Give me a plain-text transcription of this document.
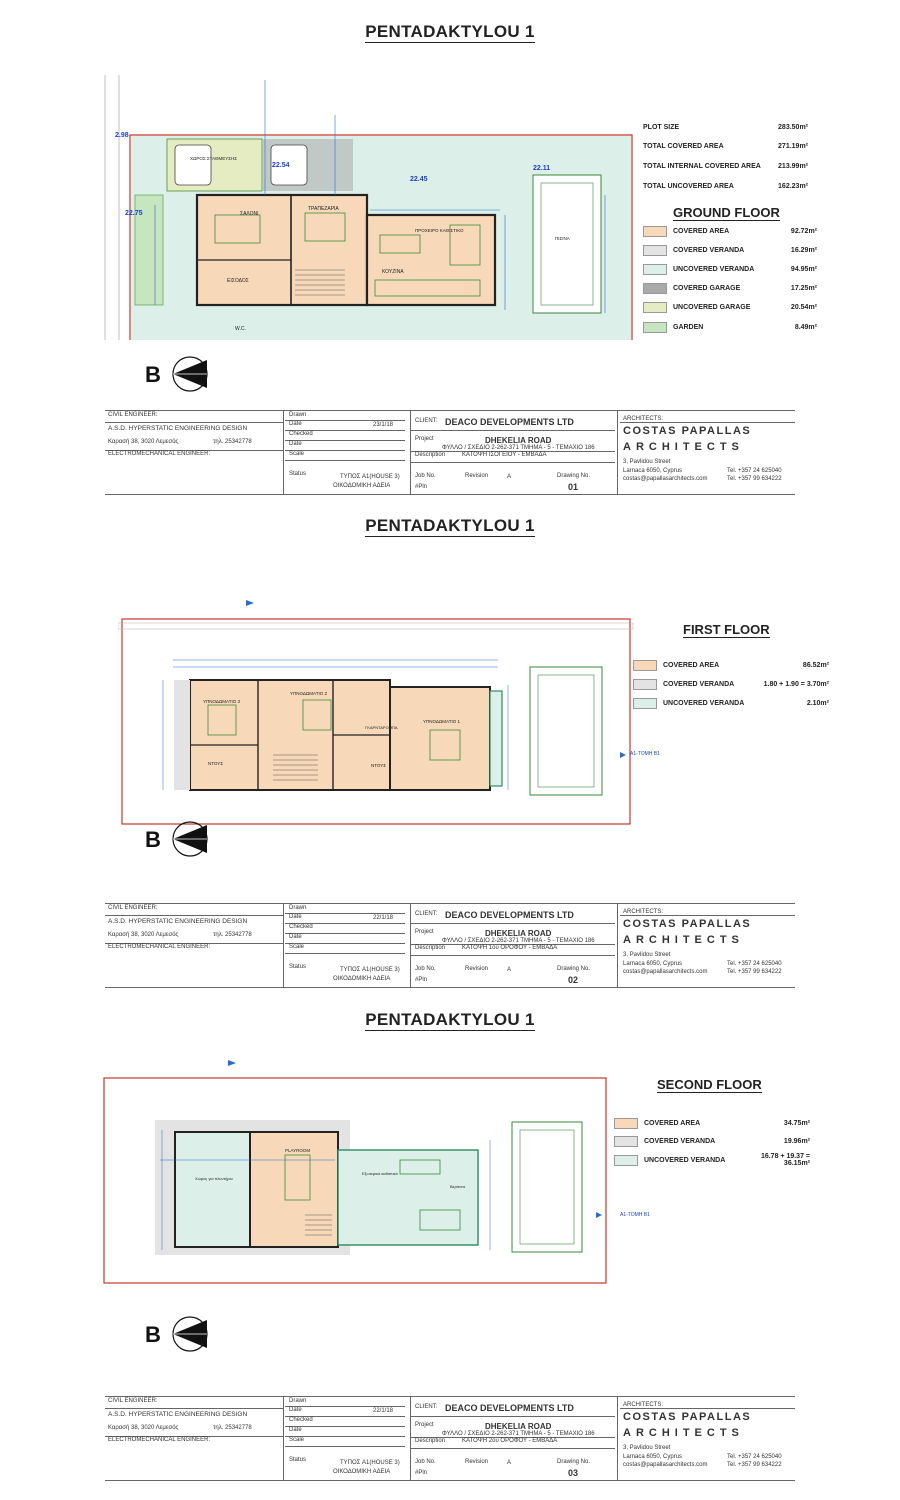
PENTADAKTYLOU 1
2.98
22.45
22.54	22.11
22.75	ΣΑΛΟΝΙ
ΤΡΑΠΕΖΑΡΙΑ
ΠΡΟΧΕΙΡΟ ΚΑΘΙΣΤΙΚΟ
ΚΟΥΖΙΝΑ
ΕΙΣΟΔΟΣ
W.C.
ΠΙΣΙΝΑ
ΧΩΡΟΣ ΣΤΑΘΜΕΥΣΗΣ
PLOT SIZE	283.50m²
TOTAL COVERED AREA	271.19m²
TOTAL INTERNAL COVERED AREA	213.99m²
TOTAL UNCOVERED AREA	162.23m²
GROUND FLOOR
COVERED AREA	92.72m²
COVERED VERANDA	16.29m²
UNCOVERED VERANDA	94.95m²
COVERED GARAGE	17.25m²
UNCOVERED GARAGE	20.54m²
GARDEN	8.49m²
B
CIVIL ENGINEER:
A.S.D. HYPERSTATIC ENGINEERING DESIGN
Καρασή 38, 3020 Λεμεσός	τηλ. 25342778
ELECTROMECHANICAL ENGINEER:
Drawn
Date	23/1/18
Checked
Date
Scale
Status	ΤΥΠΟΣ A1(HOUSE 3)
ΟΙΚΟΔΟΜΙΚΗ ΑΔΕΙΑ
CLIENT:
Project
ΦΥΛΛΟ / ΣΧΕΔΙΟ 2-262-371 ΤΜΗΜΑ - 5 - ΤΕΜΑΧΙΟ 186
Description	ΚΑΤΟΨΗ ΙΣΟΓΕΙΟΥ - ΕΜΒΑΔΑ
Job No.
#Pln
Revision	A	Drawing No.
ARCHITECTS:
3, Pavlidou Street
Larnaca 6050, Cyprus
costas@papallasarchitects.com
Tel. +357 24 625040
Tel. +357 99 634222
DEACO DEVELOPMENTS LTD
DHEKELIA ROAD
01
COSTAS PAPALLAS
ARCHITECTS
PENTADAKTYLOU 1
ΥΠΝΟΔΩΜΑΤΙΟ 3
ΥΠΝΟΔΩΜΑΤΙΟ 2
ΥΠΝΟΔΩΜΑΤΙΟ 1
ΝΤΟΥΣ	ΝΤΟΥΣ
ΓΚΑΡΝΤΑΡΟΜΠΑ
A1-ΤΟΜΗ B1
FIRST FLOOR
COVERED AREA	86.52m²
COVERED VERANDA	1.80 + 1.90 = 3.70m²
UNCOVERED VERANDA	2.10m²
B
CIVIL ENGINEER:
A.S.D. HYPERSTATIC ENGINEERING DESIGN
Καρασή 38, 3020 Λεμεσός	τηλ. 25342778
ELECTROMECHANICAL ENGINEER:
Drawn
Date	22/1/18
Checked
Date
Scale
Status	ΤΥΠΟΣ A1(HOUSE 3)
ΟΙΚΟΔΟΜΙΚΗ ΑΔΕΙΑ
CLIENT:
Project
ΦΥΛΛΟ / ΣΧΕΔΙΟ 2-262-371 ΤΜΗΜΑ - 5 - ΤΕΜΑΧΙΟ 186
Description	ΚΑΤΟΨΗ 1ου ΟΡΟΦΟΥ - ΕΜΒΑΔΑ
Job No.
#Pln
Revision	A	Drawing No.
ARCHITECTS:
3, Pavlidou Street
Larnaca 6050, Cyprus
costas@papallasarchitects.com
Tel. +357 24 625040
Tel. +357 99 634222
DEACO DEVELOPMENTS LTD
DHEKELIA ROAD
02
COSTAS PAPALLAS
ARCHITECTS
PENTADAKTYLOU 1
PLAYROOM
Χώρος για πλυντήριο
Εξωτερικό καθιστικό
Βεράντα
A1-ΤΟΜΗ B1
SECOND FLOOR
COVERED AREA	34.75m²
COVERED VERANDA	19.96m²
UNCOVERED VERANDA	16.78 + 19.37 = 36.15m²
B
CIVIL ENGINEER:
A.S.D. HYPERSTATIC ENGINEERING DESIGN
Καρασή 38, 3020 Λεμεσός	τηλ. 25342778
ELECTROMECHANICAL ENGINEER:
Drawn
Date	22/1/18
Checked
Date
Scale
Status	ΤΥΠΟΣ A1(HOUSE 3)
ΟΙΚΟΔΟΜΙΚΗ ΑΔΕΙΑ
CLIENT:
Project
ΦΥΛΛΟ / ΣΧΕΔΙΟ 2-262-371 ΤΜΗΜΑ - 5 - ΤΕΜΑΧΙΟ 186
Description	ΚΑΤΟΨΗ 2ου ΟΡΟΦΟΥ - ΕΜΒΑΔΑ
Job No.
#Pln
Revision	A	Drawing No.
ARCHITECTS:
3, Pavlidou Street
Larnaca 6050, Cyprus
costas@papallasarchitects.com
Tel. +357 24 625040
Tel. +357 99 634222
DEACO DEVELOPMENTS LTD
DHEKELIA ROAD
03
COSTAS PAPALLAS
ARCHITECTS
